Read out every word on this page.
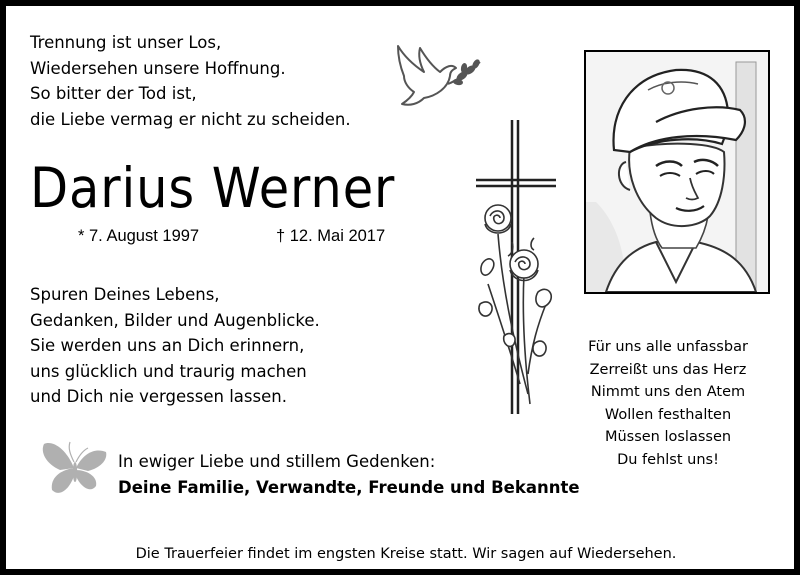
Trennung ist unser Los,
Wiedersehen unsere Hoffnung.
So bitter der Tod ist,
die Liebe vermag er nicht zu scheiden.
Darius Werner
* 7. August 1997	† 12. Mai 2017
Spuren Deines Lebens,
Gedanken, Bilder und Augenblicke.
Sie werden uns an Dich erinnern,
uns glücklich und traurig machen
und Dich nie vergessen lassen.
Für uns alle unfassbar
Zerreißt uns das Herz
Nimmt uns den Atem
Wollen festhalten
Müssen loslassen
Du fehlst uns!
In ewiger Liebe und stillem Gedenken:
Deine Familie, Verwandte, Freunde und Bekannte
Die Trauerfeier findet im engsten Kreise statt. Wir sagen auf Wiedersehen.
